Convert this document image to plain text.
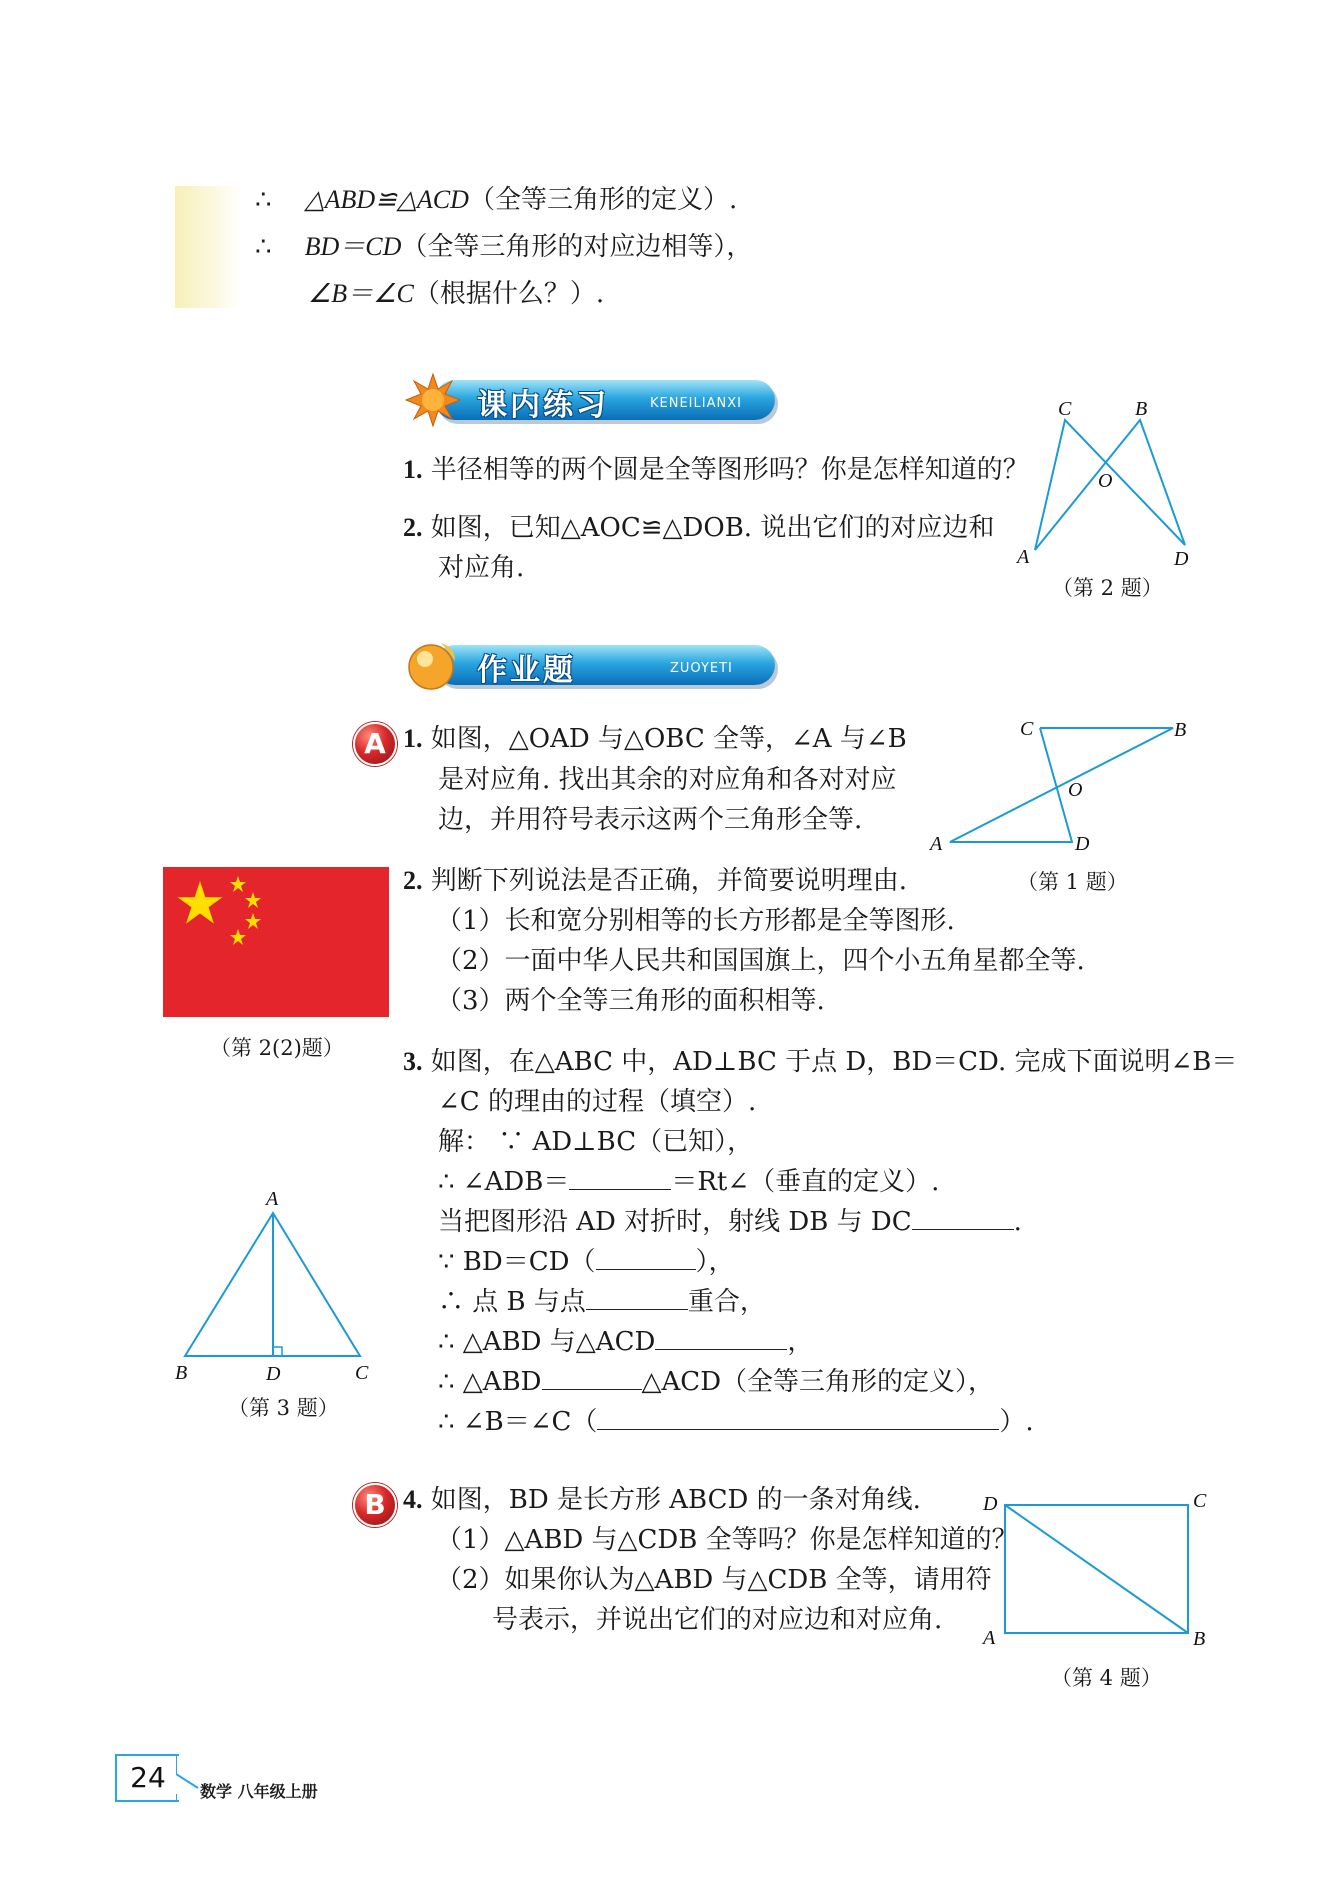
∴ △ABD≌△ACD（全等三角形的定义）.
∴ BD＝CD（全等三角形的对应边相等），
∠B＝∠C（根据什么？）.
课内练习	KENEILIANXI
1. 半径相等的两个圆是全等图形吗？你是怎样知道的？
2. 如图，已知△AOC≌△DOB. 说出它们的对应边和
对应角.
C	B
O
A	D
（第 2 题）
作业题	ZUOYETI
A 1. 如图，△OAD 与△OBC 全等，∠A 与∠B
是对应角. 找出其余的对应角和各对对应
边，并用符号表示这两个三角形全等.
C	B
O
A	D
（第 1 题）
（第 2(2)题）
2. 判断下列说法是否正确，并简要说明理由.
（1）长和宽分别相等的长方形都是全等图形.
（2）一面中华人民共和国国旗上，四个小五角星都全等.
（3）两个全等三角形的面积相等.
3. 如图，在△ABC 中，AD⊥BC 于点 D，BD＝CD. 完成下面说明∠B＝
∠C 的理由的过程（填空）.
解： ∵ AD⊥BC（已知），
∴ ∠ADB＝	＝Rt∠（垂直的定义）.
当把图形沿 AD 对折时，射线 DB 与 DC	.
∵ BD＝CD（	），
∴ 点 B 与点	重合，
∴ △ABD 与△ACD	，
∴ △ABD	△ACD（全等三角形的定义），
∴ ∠B＝∠C（	）.
A
B	D	C
（第 3 题）
B 4. 如图，BD 是长方形 ABCD 的一条对角线.
（1）△ABD 与△CDB 全等吗？你是怎样知道的？
（2）如果你认为△ABD 与△CDB 全等，请用符
号表示，并说出它们的对应边和对应角.
D	C
A	B
（第 4 题）
24	数学 八年级上册
